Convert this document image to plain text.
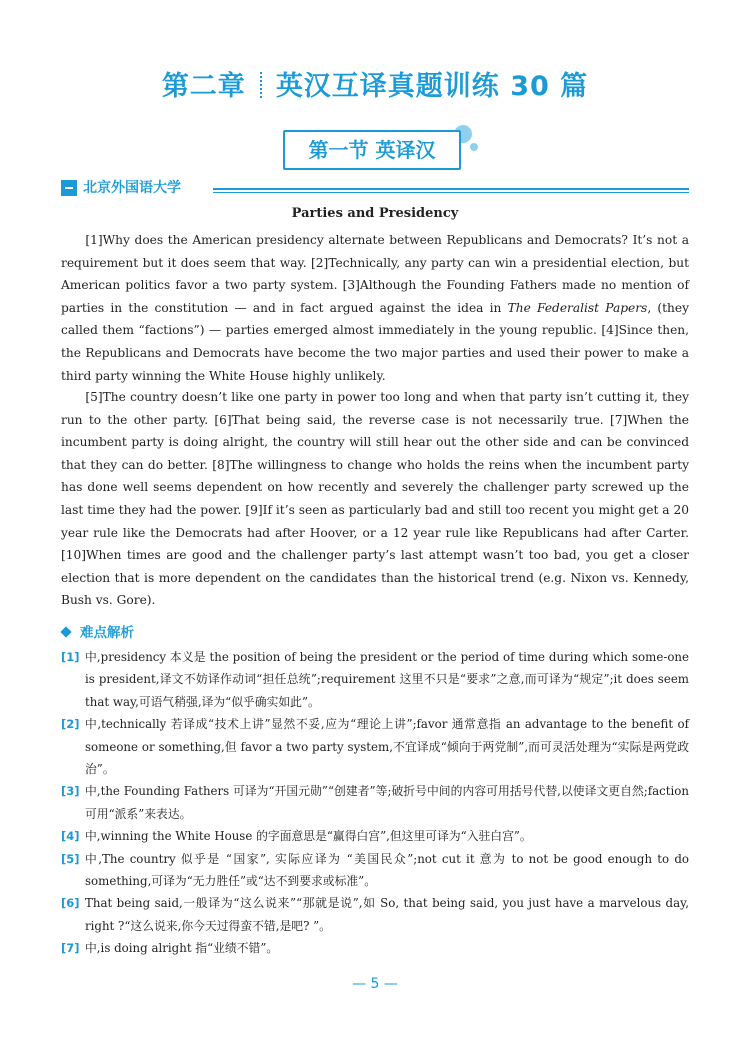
第二章 英汉互译真题训练 30 篇
第一节 英译汉
北京外国语大学
Parties and Presidency

[1]Why does the American presidency alternate between Republicans and Democrats? It’s not a requirement but it does seem that way. [2]Technically, any party can win a presidential election, but American politics favor a two party system. [3]Although the Founding Fathers made no mention of parties in the constitution — and in fact argued against the idea in The Federalist Papers, (they called them “factions”) — parties emerged almost immediately in the young republic. [4]Since then, the Republicans and Democrats have become the two major parties and used their power to make a third party winning the White House highly unlikely.

[5]The country doesn’t like one party in power too long and when that party isn’t cutting it, they run to the other party. [6]That being said, the reverse case is not necessarily true. [7]When the incumbent party is doing alright, the country will still hear out the other side and can be convinced that they can do better. [8]The willingness to change who holds the reins when the incumbent party has done well seems dependent on how recently and severely the challenger party screwed up the last time they had the power. [9]If it’s seen as particularly bad and still too recent you might get a 20 year rule like the Democrats had after Hoover, or a 12 year rule like Republicans had after Carter. [10]When times are good and the challenger party’s last attempt wasn’t too bad, you get a closer election that is more dependent on the candidates than the historical trend (e.g. Nixon vs. Kennedy, Bush vs. Gore).

难点解析
[1] 中,presidency 本义是 the position of being the president or the period of time during which some-one is president,译文不妨译作动词“担任总统”;requirement 这里不只是“要求”之意,而可译为“规定”;it does seem that way,可语气稍强,译为“似乎确实如此”。
[2] 中,technically 若译成“技术上讲”显然不妥,应为“理论上讲”;favor 通常意指 an advantage to the benefit of someone or something,但 favor a two party system,不宜译成“倾向于两党制”,而可灵活处理为“实际是两党政治”。
[3] 中,the Founding Fathers 可译为“开国元勋”“创建者”等;破折号中间的内容可用括号代替,以使译文更自然;faction 可用“派系”来表达。
[4] 中,winning the White House 的字面意思是“赢得白宫”,但这里可译为“入驻白宫”。
[5] 中,The country 似乎是 “国家”, 实际应译为 “美国民众”;not cut it 意为 to not be good enough to do something,可译为“无力胜任”或“达不到要求或标准”。
[6] That being said,一般译为“这么说来”“那就是说”,如 So, that being said, you just have a marvelous day, right ?“这么说来,你今天过得蛮不错,是吧? ”。
[7] 中,is doing alright 指“业绩不错”。
— 5 —
